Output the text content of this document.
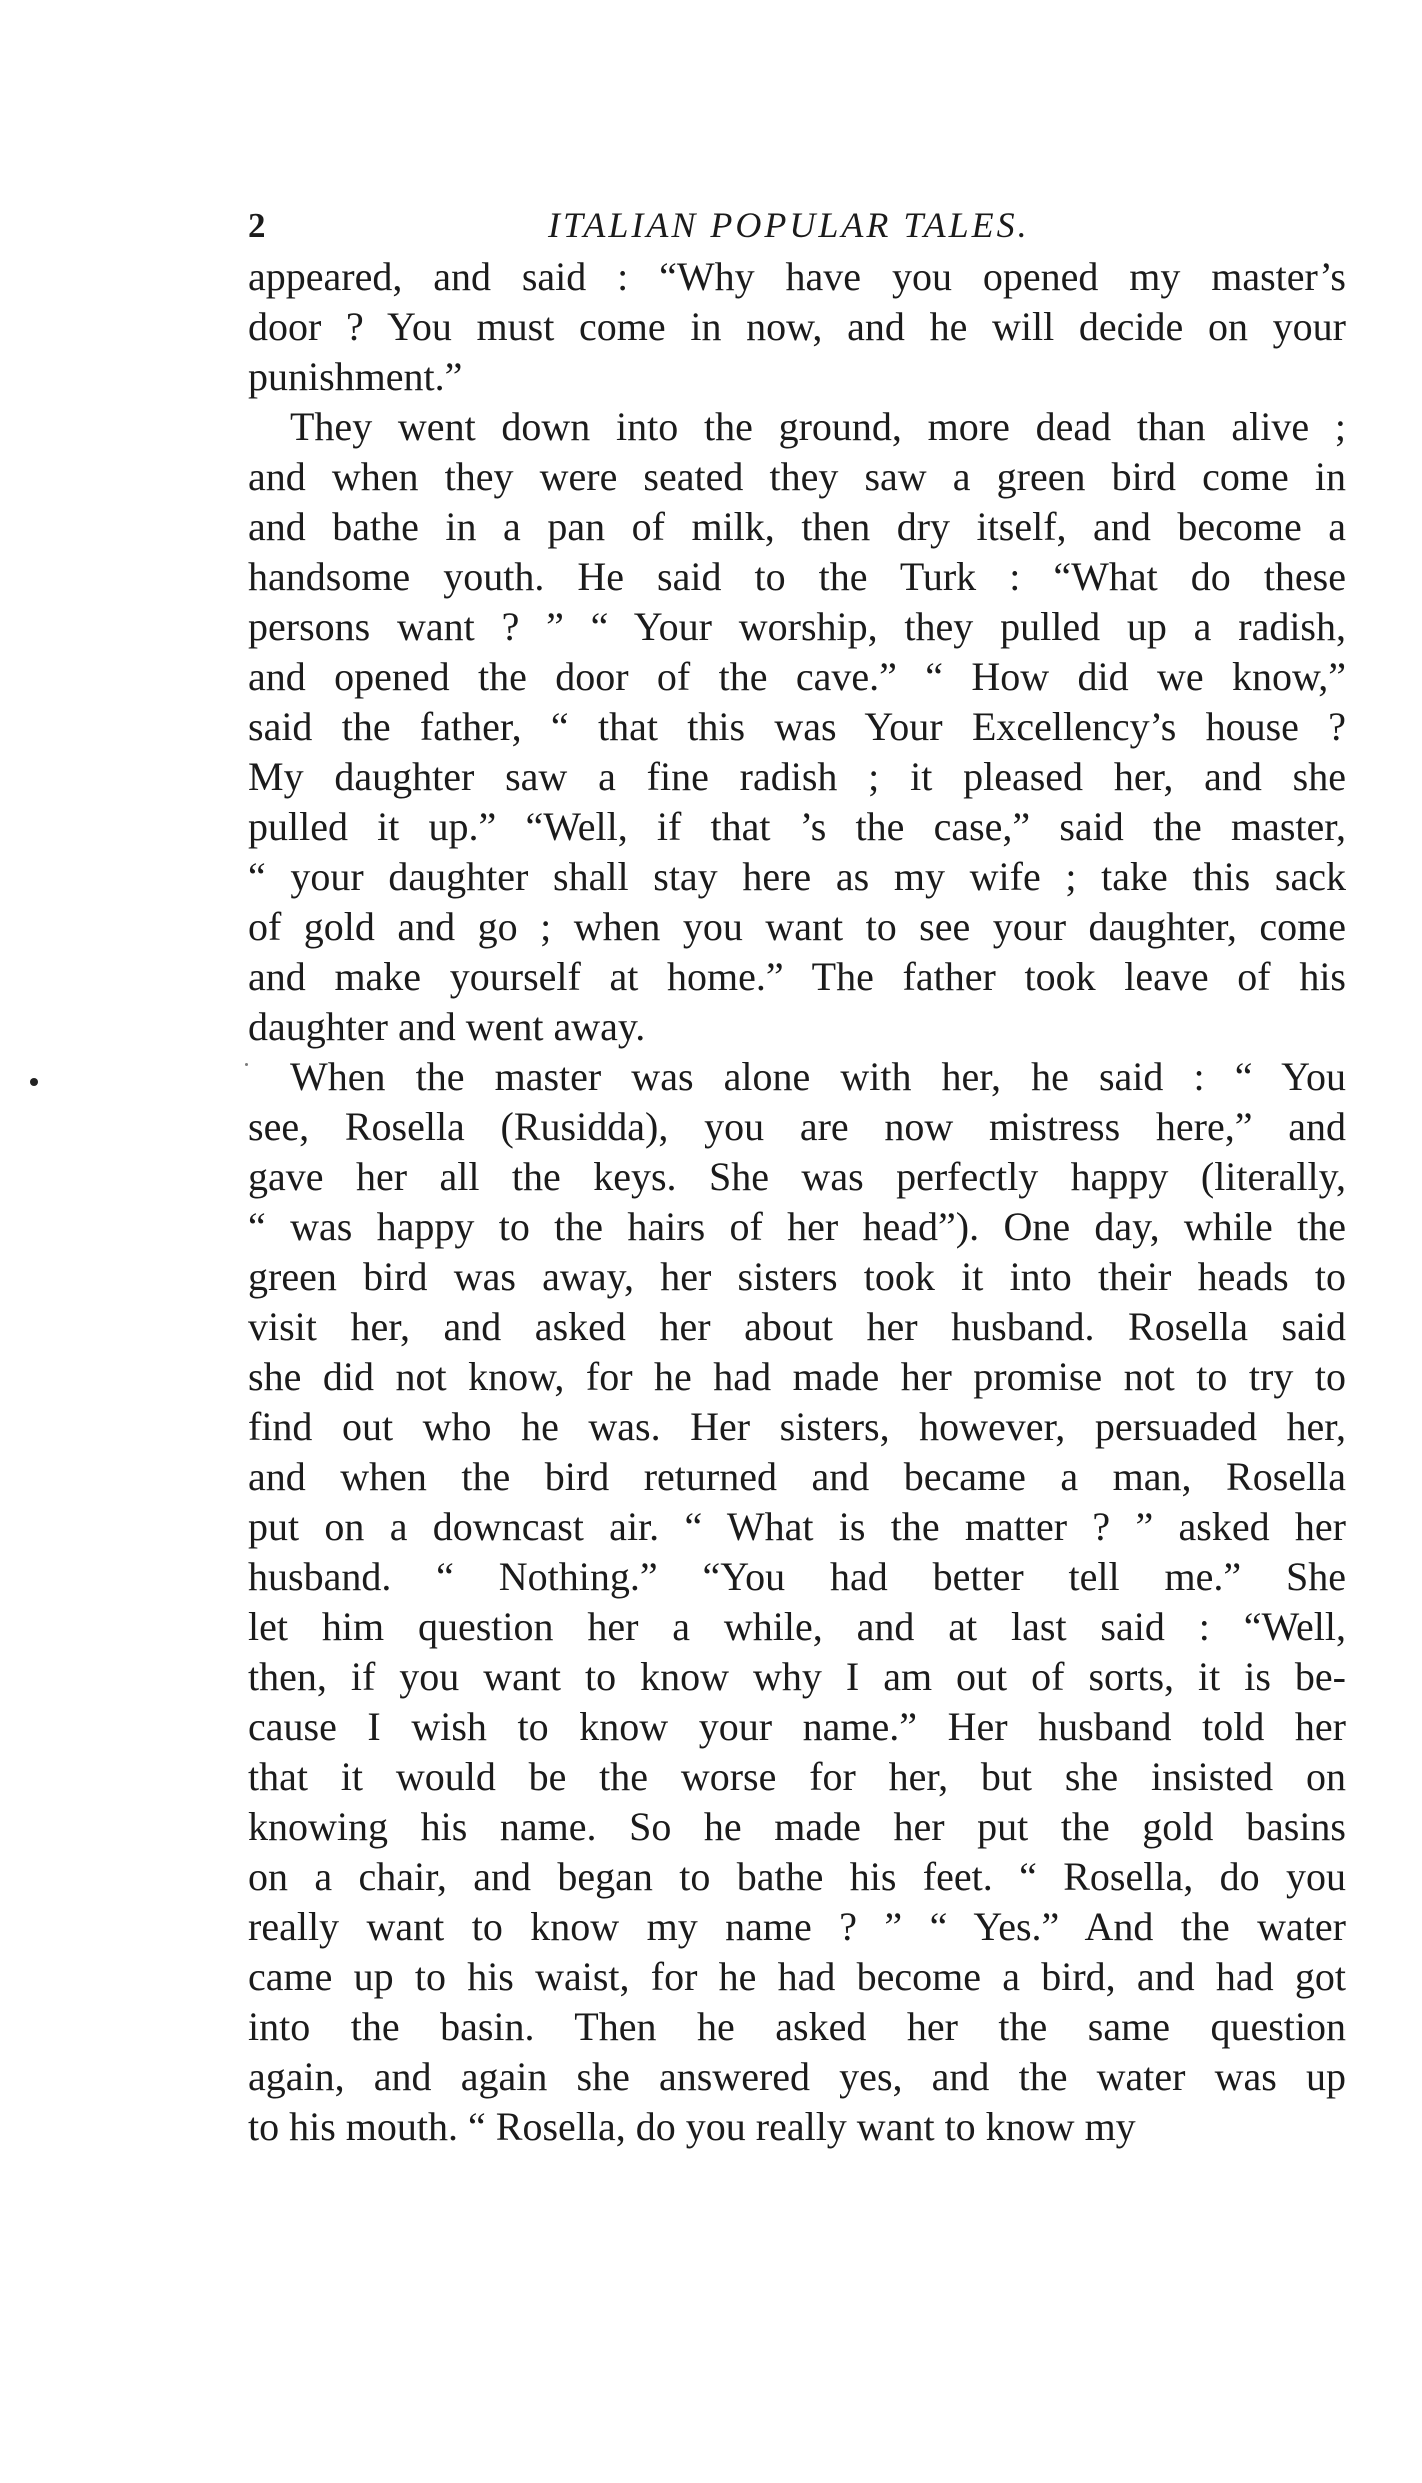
2	ITALIAN POPULAR TALES.
appeared, and said : “Why have you opened my master’s
door ? You must come in now, and he will decide on your
punishment.”
They went down into the ground, more dead than alive ;
and when they were seated they saw a green bird come in
and bathe in a pan of milk, then dry itself, and become a
handsome youth. He said to the Turk : “What do these
persons want ? ” “ Your worship, they pulled up a radish,
and opened the door of the cave.” “ How did we know,”
said the father, “ that this was Your Excellency’s house ?
My daughter saw a fine radish ; it pleased her, and she
pulled it up.” “Well, if that ’s the case,” said the master,
“ your daughter shall stay here as my wife ; take this sack
of gold and go ; when you want to see your daughter, come
and make yourself at home.” The father took leave of his
daughter and went away.
When the master was alone with her, he said : “ You
see, Rosella (Rusidda), you are now mistress here,” and
gave her all the keys. She was perfectly happy (literally,
“ was happy to the hairs of her head”). One day, while the
green bird was away, her sisters took it into their heads to
visit her, and asked her about her husband. Rosella said
she did not know, for he had made her promise not to try to
find out who he was. Her sisters, however, persuaded her,
and when the bird returned and became a man, Rosella
put on a downcast air. “ What is the matter ? ” asked her
husband. “ Nothing.” “You had better tell me.” She
let him question her a while, and at last said : “Well,
then, if you want to know why I am out of sorts, it is be-
cause I wish to know your name.” Her husband told her
that it would be the worse for her, but she insisted on
knowing his name. So he made her put the gold basins
on a chair, and began to bathe his feet. “ Rosella, do you
really want to know my name ? ” “ Yes.” And the water
came up to his waist, for he had become a bird, and had got
into the basin. Then he asked her the same question
again, and again she answered yes, and the water was up
to his mouth. “ Rosella, do you really want to know my
